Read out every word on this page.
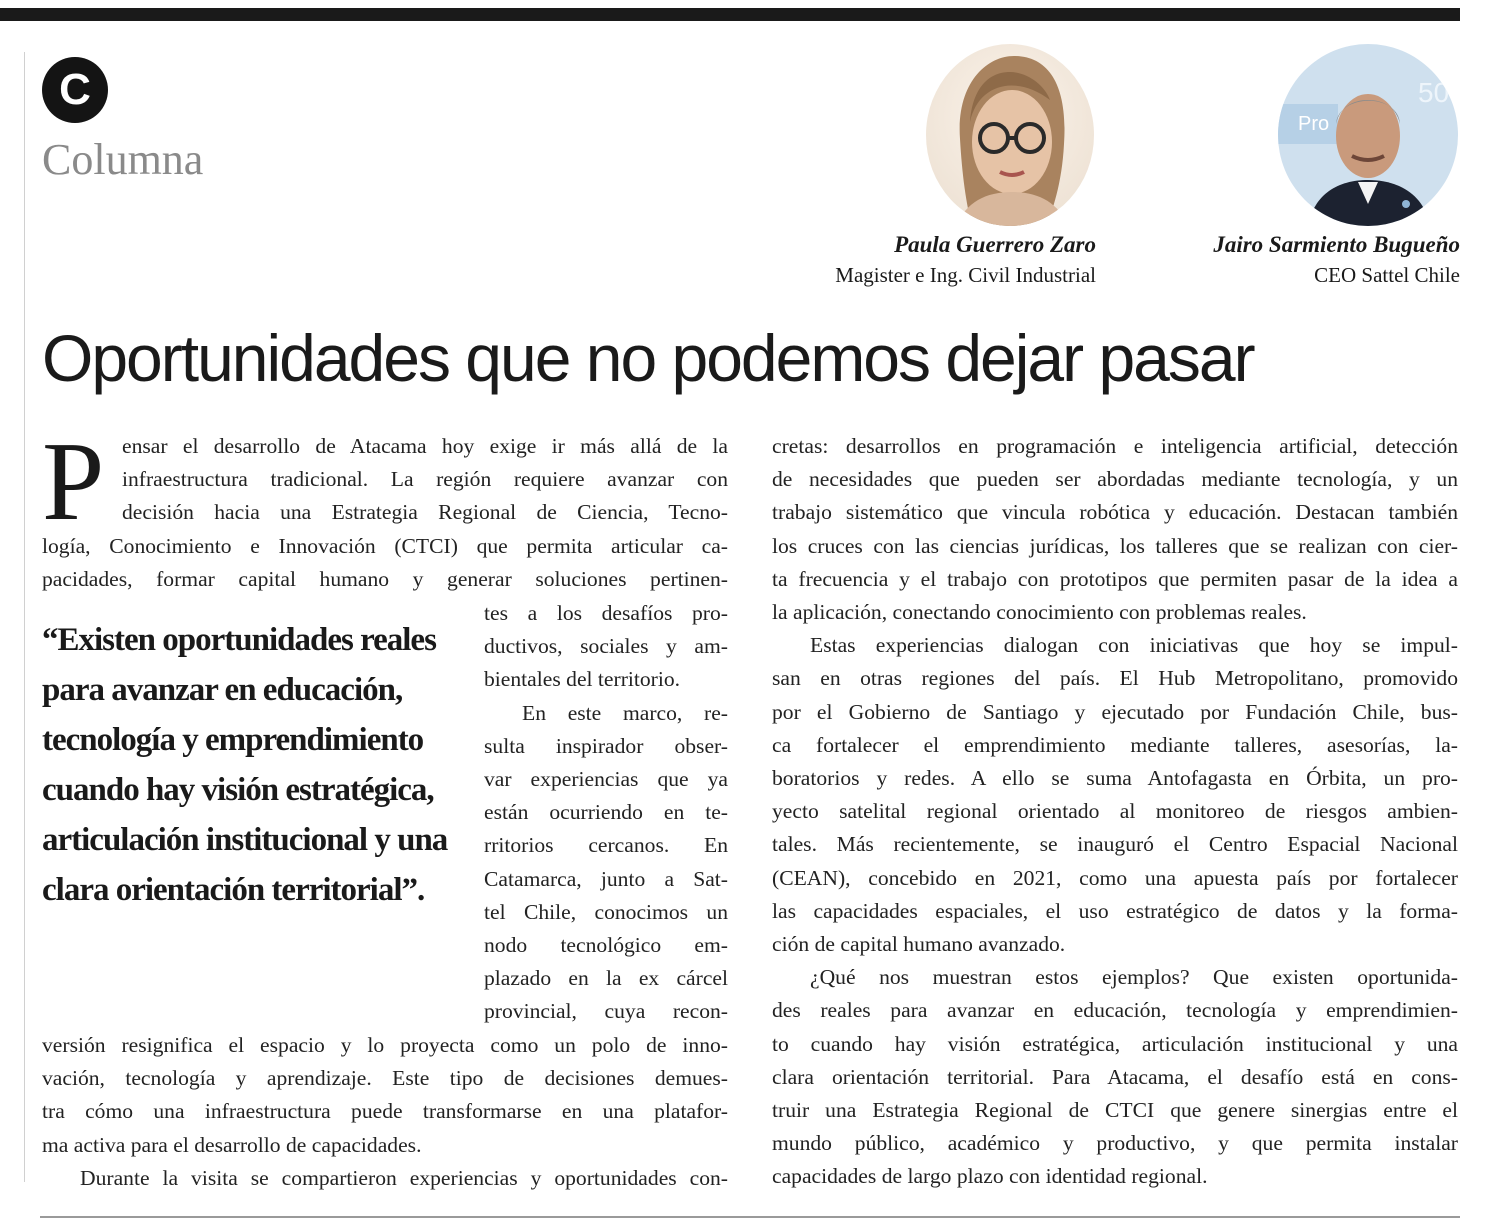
C
Columna
Paula Guerrero Zaro
Magister e Ing. Civil Industrial
Pro
50
Jairo Sarmiento Bugueño
CEO Sattel Chile
Oportunidades que no podemos dejar pasar
P ensar el desarrollo de Atacama hoy exige ir más allá de la
infraestructura tradicional. La región requiere avanzar con
decisión hacia una Estrategia Regional de Ciencia, Tecno-
logía, Conocimiento e Innovación (CTCI) que permita articular ca-
pacidades, formar capital humano y generar soluciones pertinen-
“Existen oportunidades reales para avanzar en educación, tecnología y emprendimiento cuando hay visión estratégica, articulación institucional y una clara orientación territorial”.
tes a los desafíos pro-
ductivos, sociales y am-
bientales del territorio.
En este marco, re-
sulta inspirador obser-
var experiencias que ya
están ocurriendo en te-
rritorios cercanos. En
Catamarca, junto a Sat-
tel Chile, conocimos un
nodo tecnológico em-
plazado en la ex cárcel
provincial, cuya recon-
versión resignifica el espacio y lo proyecta como un polo de inno-
vación, tecnología y aprendizaje. Este tipo de decisiones demues-
tra cómo una infraestructura puede transformarse en una platafor-
ma activa para el desarrollo de capacidades.
Durante la visita se compartieron experiencias y oportunidades con-
cretas: desarrollos en programación e inteligencia artificial, detección
de necesidades que pueden ser abordadas mediante tecnología, y un
trabajo sistemático que vincula robótica y educación. Destacan también
los cruces con las ciencias jurídicas, los talleres que se realizan con cier-
ta frecuencia y el trabajo con prototipos que permiten pasar de la idea a
la aplicación, conectando conocimiento con problemas reales.
Estas experiencias dialogan con iniciativas que hoy se impul-
san en otras regiones del país. El Hub Metropolitano, promovido
por el Gobierno de Santiago y ejecutado por Fundación Chile, bus-
ca fortalecer el emprendimiento mediante talleres, asesorías, la-
boratorios y redes. A ello se suma Antofagasta en Órbita, un pro-
yecto satelital regional orientado al monitoreo de riesgos ambien-
tales. Más recientemente, se inauguró el Centro Espacial Nacional
(CEAN), concebido en 2021, como una apuesta país por fortalecer
las capacidades espaciales, el uso estratégico de datos y la forma-
ción de capital humano avanzado.
¿Qué nos muestran estos ejemplos? Que existen oportunida-
des reales para avanzar en educación, tecnología y emprendimien-
to cuando hay visión estratégica, articulación institucional y una
clara orientación territorial. Para Atacama, el desafío está en cons-
truir una Estrategia Regional de CTCI que genere sinergias entre el
mundo público, académico y productivo, y que permita instalar
capacidades de largo plazo con identidad regional.
